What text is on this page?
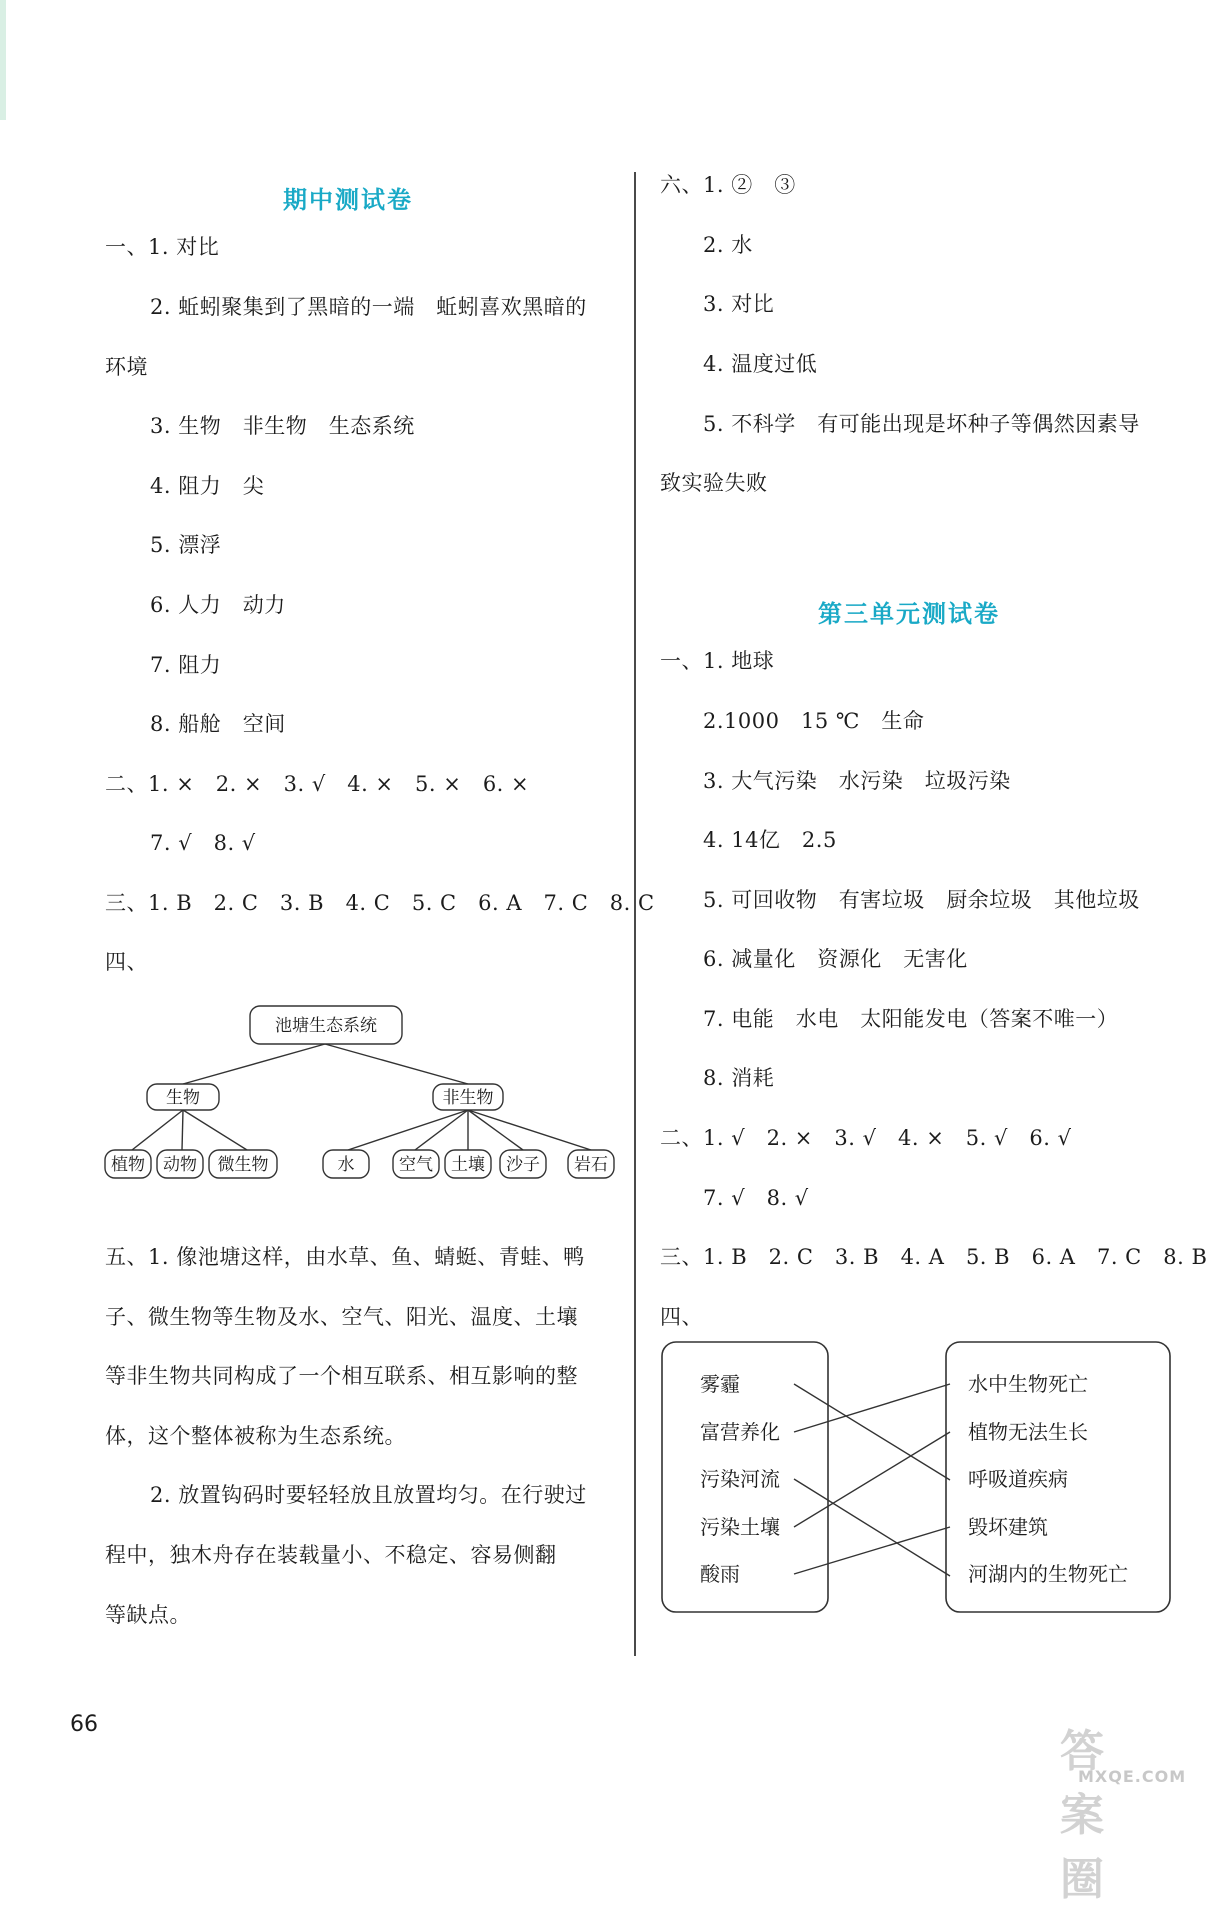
期中测试卷
一、1. 对比
2. 蚯蚓聚集到了黑暗的一端　蚯蚓喜欢黑暗的
环境
3. 生物　非生物　生态系统
4. 阻力　尖
5. 漂浮
6. 人力　动力
7. 阻力
8. 船舱　空间
二、1. ×　2. ×　3. √　4. ×　5. ×　6. ×
7. √　8. √
三、1. B　2. C　3. B　4. C　5. C　6. A　7. C　8. C
四、
池塘生态系统
生物	非生物
植物 动物 微生物	水	空气 土壤 沙子 岩石
五、1. 像池塘这样，由水草、鱼、蜻蜓、青蛙、鸭
子、微生物等生物及水、空气、阳光、温度、土壤
等非生物共同构成了一个相互联系、相互影响的整
体，这个整体被称为生态系统。
2. 放置钩码时要轻轻放且放置均匀。在行驶过
程中，独木舟存在装载量小、不稳定、容易侧翻
等缺点。
六、1. ②　③
2. 水
3. 对比
4. 温度过低
5. 不科学　有可能出现是坏种子等偶然因素导
致实验失败
第三单元测试卷
一、1. 地球
2.1000　15 ℃　生命
3. 大气污染　水污染　垃圾污染
4. 14亿　2.5
5. 可回收物　有害垃圾　厨余垃圾　其他垃圾
6. 减量化　资源化　无害化
7. 电能　水电　太阳能发电（答案不唯一）
8. 消耗
二、1. √　2. ×　3. √　4. ×　5. √　6. √
7. √　8. √
三、1. B　2. C　3. B　4. A　5. B　6. A　7. C　8. B
四、
雾霾
富营养化
污染河流
污染土壤
酸雨
水中生物死亡
植物无法生长
呼吸道疾病
毁坏建筑
河湖内的生物死亡
66
答案圈
MXQE.COM
